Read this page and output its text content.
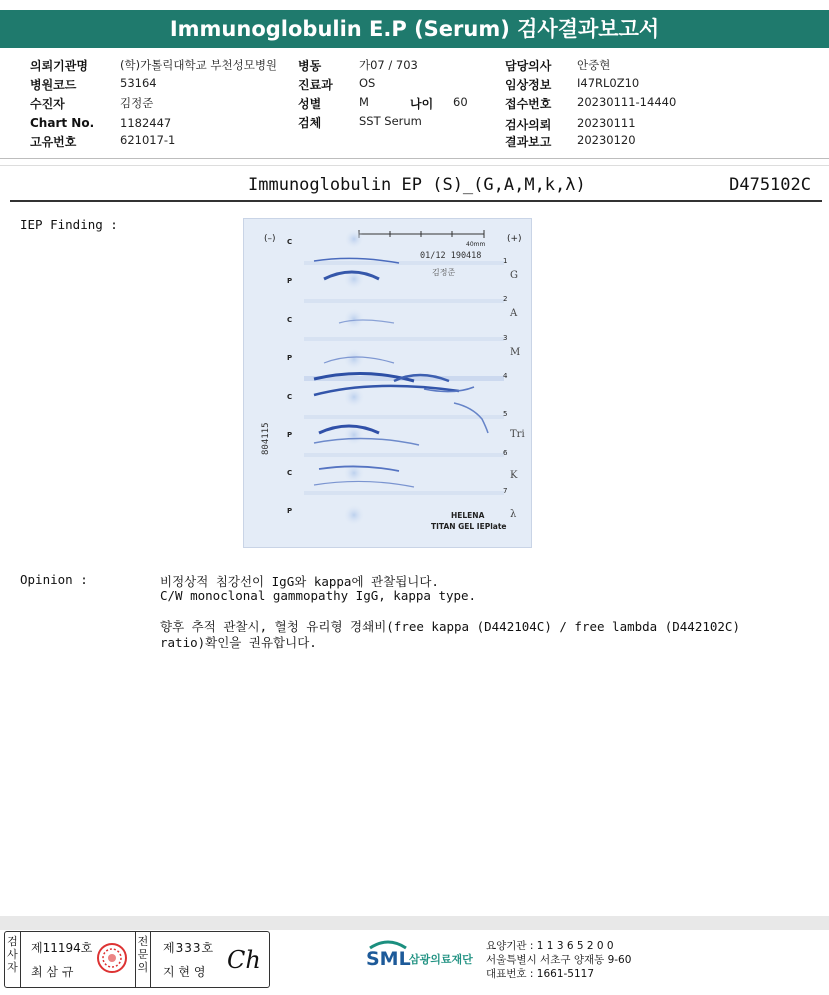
Immunoglobulin E.P (Serum) 검사결과보고서
의뢰기관명	(학)가톨릭대학교 부천성모병원
병원코드	53164
수진자	김정준
Chart No. 1182447
고유번호	621017-1
병동	가07 / 703
진료과 OS
성별	M	나이 60
검체	SST Serum
담당의사 안중현
임상정보 I47RL0Z10
접수번호 20230111-14440
검사의뢰 20230111
결과보고 20230120
Immunoglobulin EP (S)_(G,A,M,k,λ)	D475102C
IEP Finding :
C
P
C
P
C
P
C
P
1
2
3
4
5
6
7
G
A
M
Tri
K
λ
(–)	(+)
40mm
01/12 190418
김정준
804115
HELENA
TITAN GEL IEPlate
Opinion :	비정상적 침강선이 IgG와 kappa에 관찰됩니다.
C/W monoclonal gammopathy IgG, kappa type.
향후 추적 관찰시, 혈청 유리형 경쇄비(free kappa (D442104C) / free lambda (D442102C)
ratio)확인을 권유합니다.
검사자
제11194호
최 삼 규
전문의
제333호
지 현 영 Ch	SML
삼광의료재단
요양기관 : 1 1 3 6 5 2 0 0
서울특별시 서초구 양재동 9-60
대표번호 : 1661-5117
